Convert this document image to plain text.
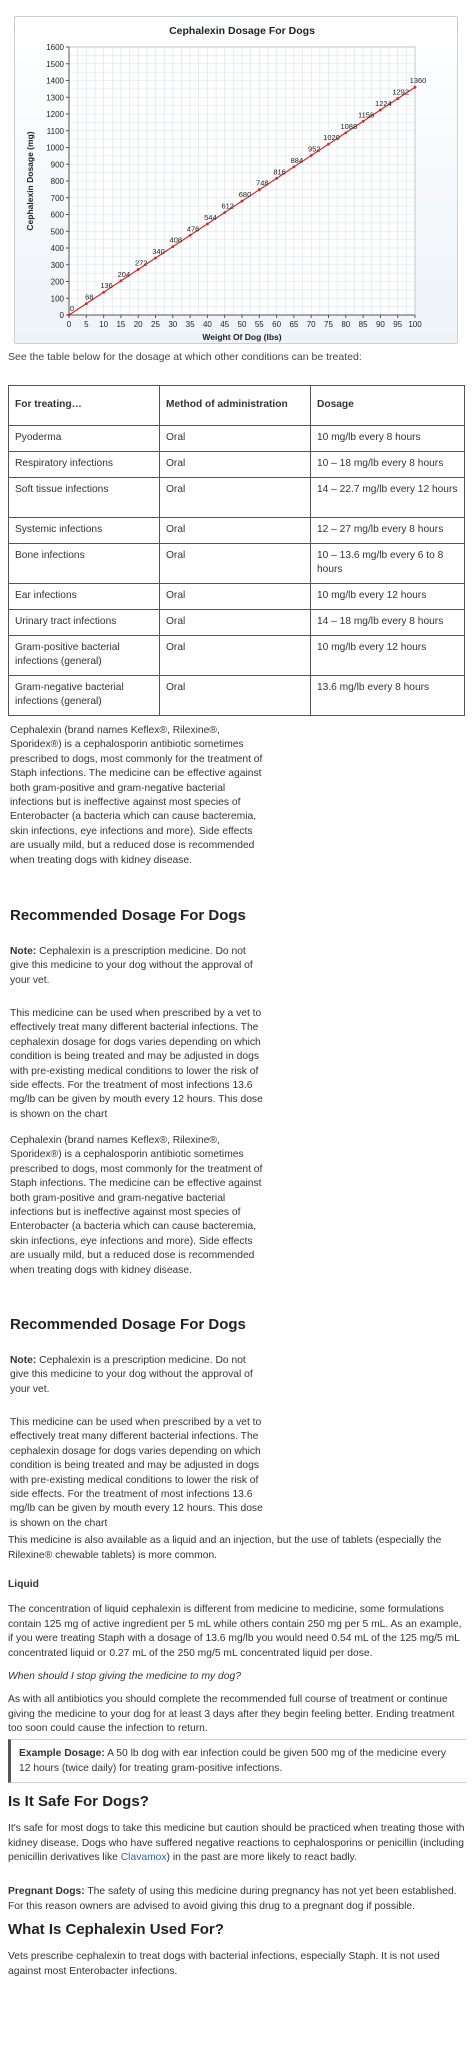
0 5 10 15 20 25 30 35 40 45 50 55 60 65 70 75 80 85 90 95 100
0
100
200
300
400
500
600
700
800
900
1000
1100
1200
1300
1400
1500
1600
Cephalexin Dosage For Dogs
Weight Of Dog (lbs)
Cephalexin Dosage (mg)
0
68
136
204
272
340
408
476
544
612
680
748
816
884
952
1020
1088
1156
1224
1292
1360

See the table below for the dosage at which other conditions can be treated:

For treating…	Method of administration	Dosage
Pyoderma	Oral	10 mg/lb every 8 hours
Respiratory infections	Oral	10 – 18 mg/lb every 8 hours
Soft tissue infections	Oral	14 – 22.7 mg/lb every 12 hours
Systemic infections	Oral	12 – 27 mg/lb every 8 hours
Bone infections	Oral	10 – 13.6 mg/lb every 6 to 8 hours
Ear infections	Oral	10 mg/lb every 12 hours
Urinary tract infections	Oral	14 – 18 mg/lb every 8 hours
Gram-positive bacterial infections (general)	Oral	10 mg/lb every 12 hours
Gram-negative bacterial infections (general)	Oral	13.6 mg/lb every 8 hours

Cephalexin (brand names Keflex®, Rilexine®, Sporidex®) is a cephalosporin antibiotic sometimes prescribed to dogs, most commonly for the treatment of Staph infections. The medicine can be effective against both gram-positive and gram-negative bacterial infections but is ineffective against most species of Enterobacter (a bacteria which can cause bacteremia, skin infections, eye infections and more). Side effects are usually mild, but a reduced dose is recommended when treating dogs with kidney disease.

Recommended Dosage For Dogs

Note: Cephalexin is a prescription medicine. Do not give this medicine to your dog without the approval of your vet.

This medicine can be used when prescribed by a vet to effectively treat many different bacterial infections. The cephalexin dosage for dogs varies depending on which condition is being treated and may be adjusted in dogs with pre-existing medical conditions to lower the risk of side effects. For the treatment of most infections 13.6 mg/lb can be given by mouth every 12 hours. This dose is shown on the chart

Cephalexin (brand names Keflex®, Rilexine®, Sporidex®) is a cephalosporin antibiotic sometimes prescribed to dogs, most commonly for the treatment of Staph infections. The medicine can be effective against both gram-positive and gram-negative bacterial infections but is ineffective against most species of Enterobacter (a bacteria which can cause bacteremia, skin infections, eye infections and more). Side effects are usually mild, but a reduced dose is recommended when treating dogs with kidney disease.

Recommended Dosage For Dogs

Note: Cephalexin is a prescription medicine. Do not give this medicine to your dog without the approval of your vet.

This medicine can be used when prescribed by a vet to effectively treat many different bacterial infections. The cephalexin dosage for dogs varies depending on which condition is being treated and may be adjusted in dogs with pre-existing medical conditions to lower the risk of side effects. For the treatment of most infections 13.6 mg/lb can be given by mouth every 12 hours. This dose is shown on the chart

This medicine is also available as a liquid and an injection, but the use of tablets (especially the Rilexine® chewable tablets) is more common.

Liquid

The concentration of liquid cephalexin is different from medicine to medicine, some formulations contain 125 mg of active ingredient per 5 mL while others contain 250 mg per 5 mL. As an example, if you were treating Staph with a dosage of 13.6 mg/lb you would need 0.54 mL of the 125 mg/5 mL concentrated liquid or 0.27 mL of the 250 mg/5 mL concentrated liquid per dose.

When should I stop giving the medicine to my dog?

As with all antibiotics you should complete the recommended full course of treatment or continue giving the medicine to your dog for at least 3 days after they begin feeling better. Ending treatment too soon could cause the infection to return.

Example Dosage: A 50 lb dog with ear infection could be given 500 mg of the medicine every 12 hours (twice daily) for treating gram-positive infections.
Is It Safe For Dogs?

It's safe for most dogs to take this medicine but caution should be practiced when treating those with kidney disease. Dogs who have suffered negative reactions to cephalosporins or penicillin (including penicillin derivatives like Clavamox) in the past are more likely to react badly.

Pregnant Dogs: The safety of using this medicine during pregnancy has not yet been established. For this reason owners are advised to avoid giving this drug to a pregnant dog if possible.

What Is Cephalexin Used For?

Vets prescribe cephalexin to treat dogs with bacterial infections, especially Staph. It is not used against most Enterobacter infections.
